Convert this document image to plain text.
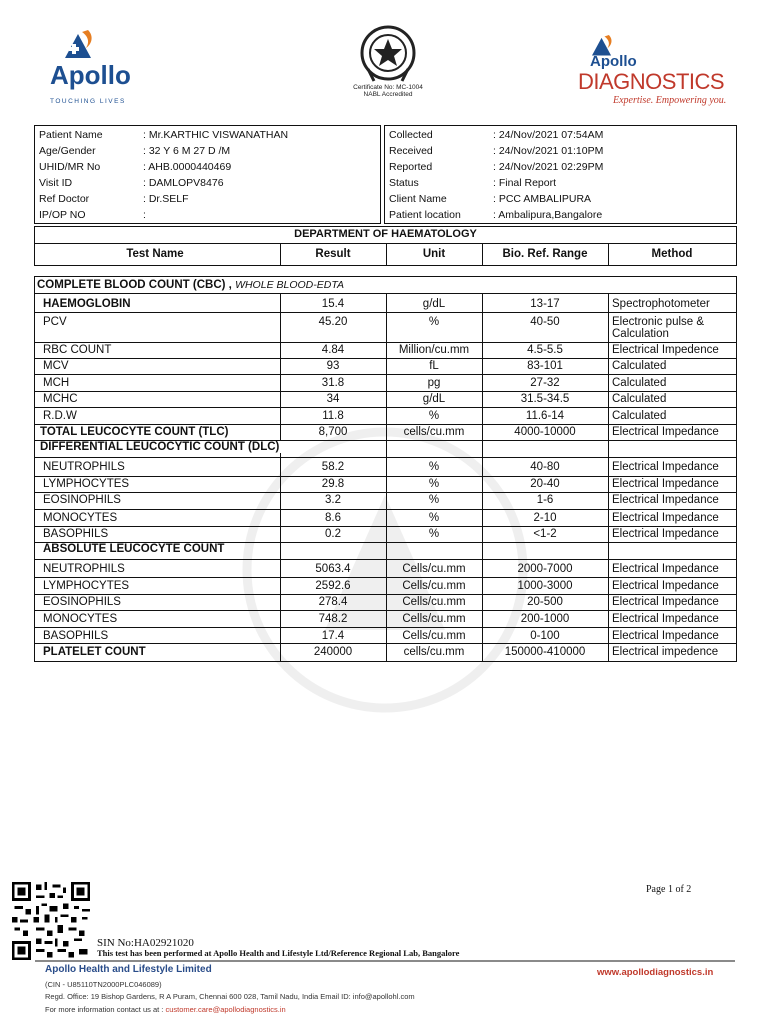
Apollo
TOUCHING LIVES
Certificate No: MC-1004
NABL Accredited
Apollo
DIAGNOSTICS
Expertise. Empowering you.
Patient Name	: Mr.KARTHIC VISWANATHAN
Age/Gender	: 32 Y 6 M 27 D /M
UHID/MR No	: AHB.0000440469
Visit ID	: DAMLOPV8476
Ref Doctor	: Dr.SELF
IP/OP NO	:
Collected	: 24/Nov/2021 07:54AM
Received	: 24/Nov/2021 01:10PM
Reported	: 24/Nov/2021 02:29PM
Status	: Final Report
Client Name	: PCC AMBALIPURA
Patient location	: Ambalipura,Bangalore
DEPARTMENT OF HAEMATOLOGY
Test Name	Result	Unit	Bio. Ref. Range	Method
COMPLETE BLOOD COUNT (CBC) , WHOLE BLOOD-EDTA
HAEMOGLOBIN	15.4	g/dL	13-17	Spectrophotometer
PCV	45.20	%	40-50	Electronic pulse &
Calculation
RBC COUNT	4.84	Million/cu.mm	4.5-5.5	Electrical Impedence
MCV	93	fL	83-101	Calculated
MCH	31.8	pg	27-32	Calculated
MCHC	34	g/dL	31.5-34.5	Calculated
R.D.W	11.8	%	11.6-14	Calculated
TOTAL LEUCOCYTE COUNT (TLC)	8,700	cells/cu.mm	4000-10000	Electrical Impedance
DIFFERENTIAL LEUCOCYTIC COUNT (DLC)
NEUTROPHILS	58.2	%	40-80	Electrical Impedance
LYMPHOCYTES	29.8	%	20-40	Electrical Impedance
EOSINOPHILS	3.2	%	1-6	Electrical Impedance
MONOCYTES	8.6	%	2-10	Electrical Impedance
BASOPHILS	0.2	%	<1-2	Electrical Impedance
ABSOLUTE LEUCOCYTE COUNT
NEUTROPHILS	5063.4	Cells/cu.mm	2000-7000	Electrical Impedance
LYMPHOCYTES	2592.6	Cells/cu.mm	1000-3000	Electrical Impedance
EOSINOPHILS	278.4	Cells/cu.mm	20-500	Electrical Impedance
MONOCYTES	748.2	Cells/cu.mm	200-1000	Electrical Impedance
BASOPHILS	17.4	Cells/cu.mm	0-100	Electrical Impedance
PLATELET COUNT	240000	cells/cu.mm	150000-410000	Electrical impedence
Page 1 of 2
SIN No:HA02921020
This test has been performed at Apollo Health and Lifestyle Ltd/Reference Regional Lab, Bangalore
Apollo Health and Lifestyle Limited	www.apollodiagnostics.in
(CIN - U85110TN2000PLC046089)
Regd. Office: 19 Bishop Gardens, R A Puram, Chennai 600 028, Tamil Nadu, India Email ID: info@apollohl.com
For more information contact us at : customer.care@apollodiagnostics.in
